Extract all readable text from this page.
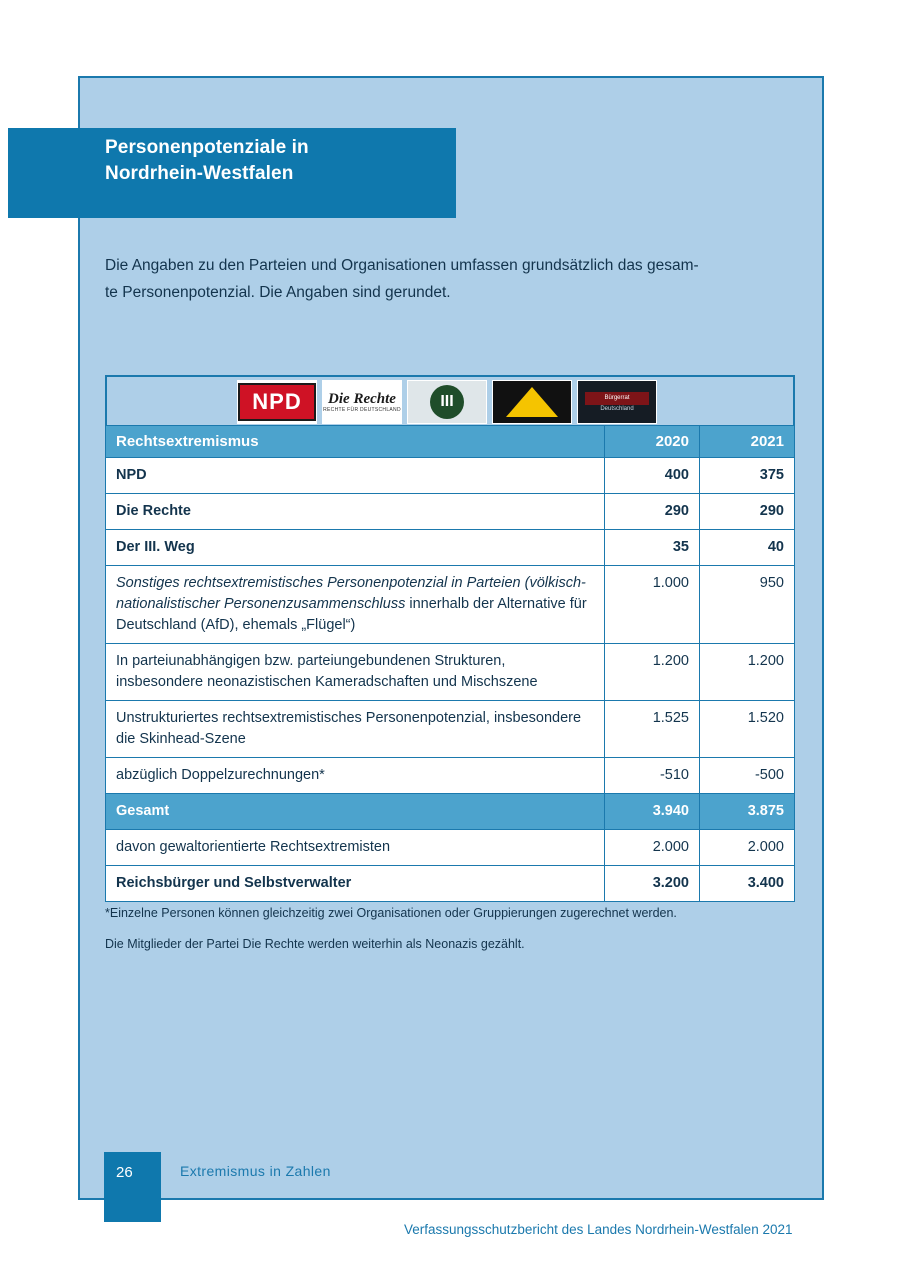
Personenpotenziale in
Nordrhein-Westfalen
Die Angaben zu den Parteien und Organisationen umfassen grundsätzlich das gesam-
te Personenpotenzial. Die Angaben sind gerundet.
NPD	Die Rechte
RECHTE FÜR DEUTSCHLAND	III	Bürgerrat
Deutschland
Rechtsextremismus	2020	2021
NPD	400	375
Die Rechte	290	290
Der III. Weg	35	40
Sonstiges rechtsextremistisches Personenpotenzial in Parteien (völkisch-nationalistischer Personenzusammenschluss innerhalb der Alternative für Deutschland (AfD), ehemals „Flügel“)	1.000	950
In parteiunabhängigen bzw. parteiungebundenen Strukturen, insbesondere neonazistischen Kameradschaften und Mischszene	1.200	1.200
Unstrukturiertes rechtsextremistisches Personenpotenzial, insbesondere die Skinhead-Szene	1.525	1.520
abzüglich Doppelzurechnungen*	-510	-500
Gesamt	3.940	3.875
davon gewaltorientierte Rechtsextremisten	2.000	2.000
Reichsbürger und Selbstverwalter	3.200	3.400
*Einzelne Personen können gleichzeitig zwei Organisationen oder Gruppierungen zugerechnet werden.
Die Mitglieder der Partei Die Rechte werden weiterhin als Neonazis gezählt.
26	Extremismus in Zahlen
Verfassungsschutzbericht des Landes Nordrhein-Westfalen 2021
